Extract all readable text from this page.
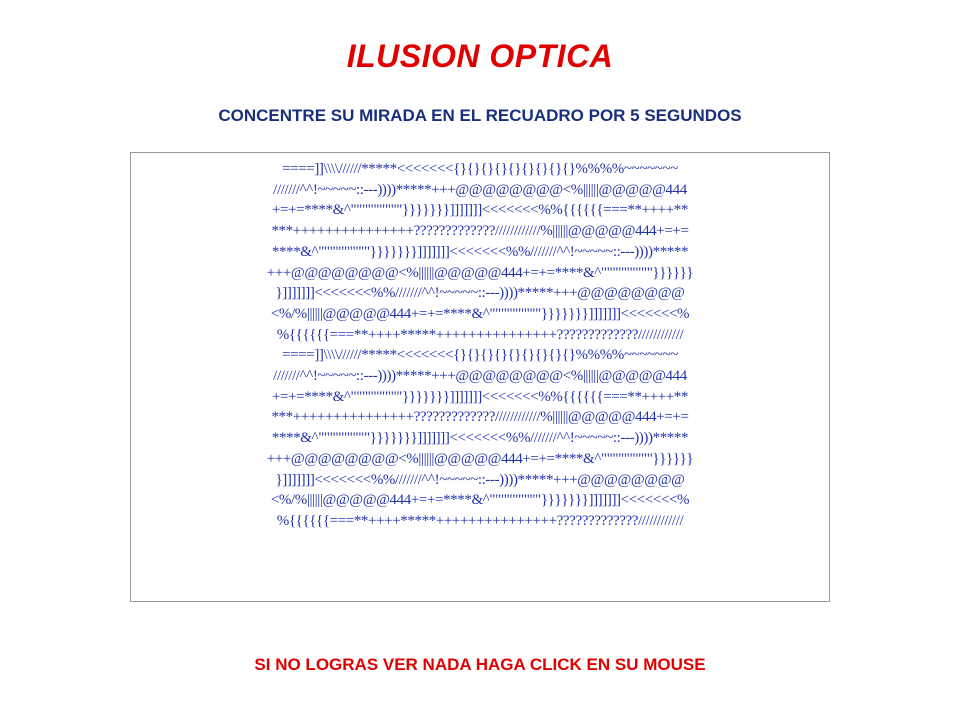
ILUSION OPTICA
CONCENTRE SU MIRADA EN EL RECUADRO POR 5 SEGUNDOS
====]]\\\\//////*****<<<<<<<{}{}{}{}{}{}{}{}{}%%%%~~~~~~~
///////^^!~~~~~::---))))*****+++@@@@@@@@<%||||||@@@@@444
+=+=****&^"""""""""}}}}}}}]]]]]]]<<<<<<<%%{{{{{{===**++++**
***+++++++++++++++?????????????////////////%||||||@@@@@444+=+=
****&^"""""""""}}}}}}}]]]]]]]<<<<<<<%%///////^^!~~~~~::---))))*****
+++@@@@@@@@<%||||||@@@@@444+=+=****&^"""""""""}}}}}}
}]]]]]]]<<<<<<<%%///////^^!~~~~~::---))))*****+++@@@@@@@@
<%/%||||||@@@@@444+=+=****&^"""""""""}}}}}}}]]]]]]]<<<<<<<%
%{{{{{{===**++++*****+++++++++++++++?????????????////////////
====]]\\\\//////*****<<<<<<<{}{}{}{}{}{}{}{}{}%%%%~~~~~~~
///////^^!~~~~~::---))))*****+++@@@@@@@@<%||||||@@@@@444
+=+=****&^"""""""""}}}}}}}]]]]]]]<<<<<<<%%{{{{{{===**++++**
***+++++++++++++++?????????????////////////%||||||@@@@@444+=+=
****&^"""""""""}}}}}}}]]]]]]]<<<<<<<%%///////^^!~~~~~::---))))*****
+++@@@@@@@@<%||||||@@@@@444+=+=****&^"""""""""}}}}}}
}]]]]]]]<<<<<<<%%///////^^!~~~~~::---))))*****+++@@@@@@@@
<%/%||||||@@@@@444+=+=****&^"""""""""}}}}}}}]]]]]]]<<<<<<<%
%{{{{{{===**++++*****+++++++++++++++?????????????////////////
SI NO LOGRAS VER NADA HAGA CLICK EN SU MOUSE
